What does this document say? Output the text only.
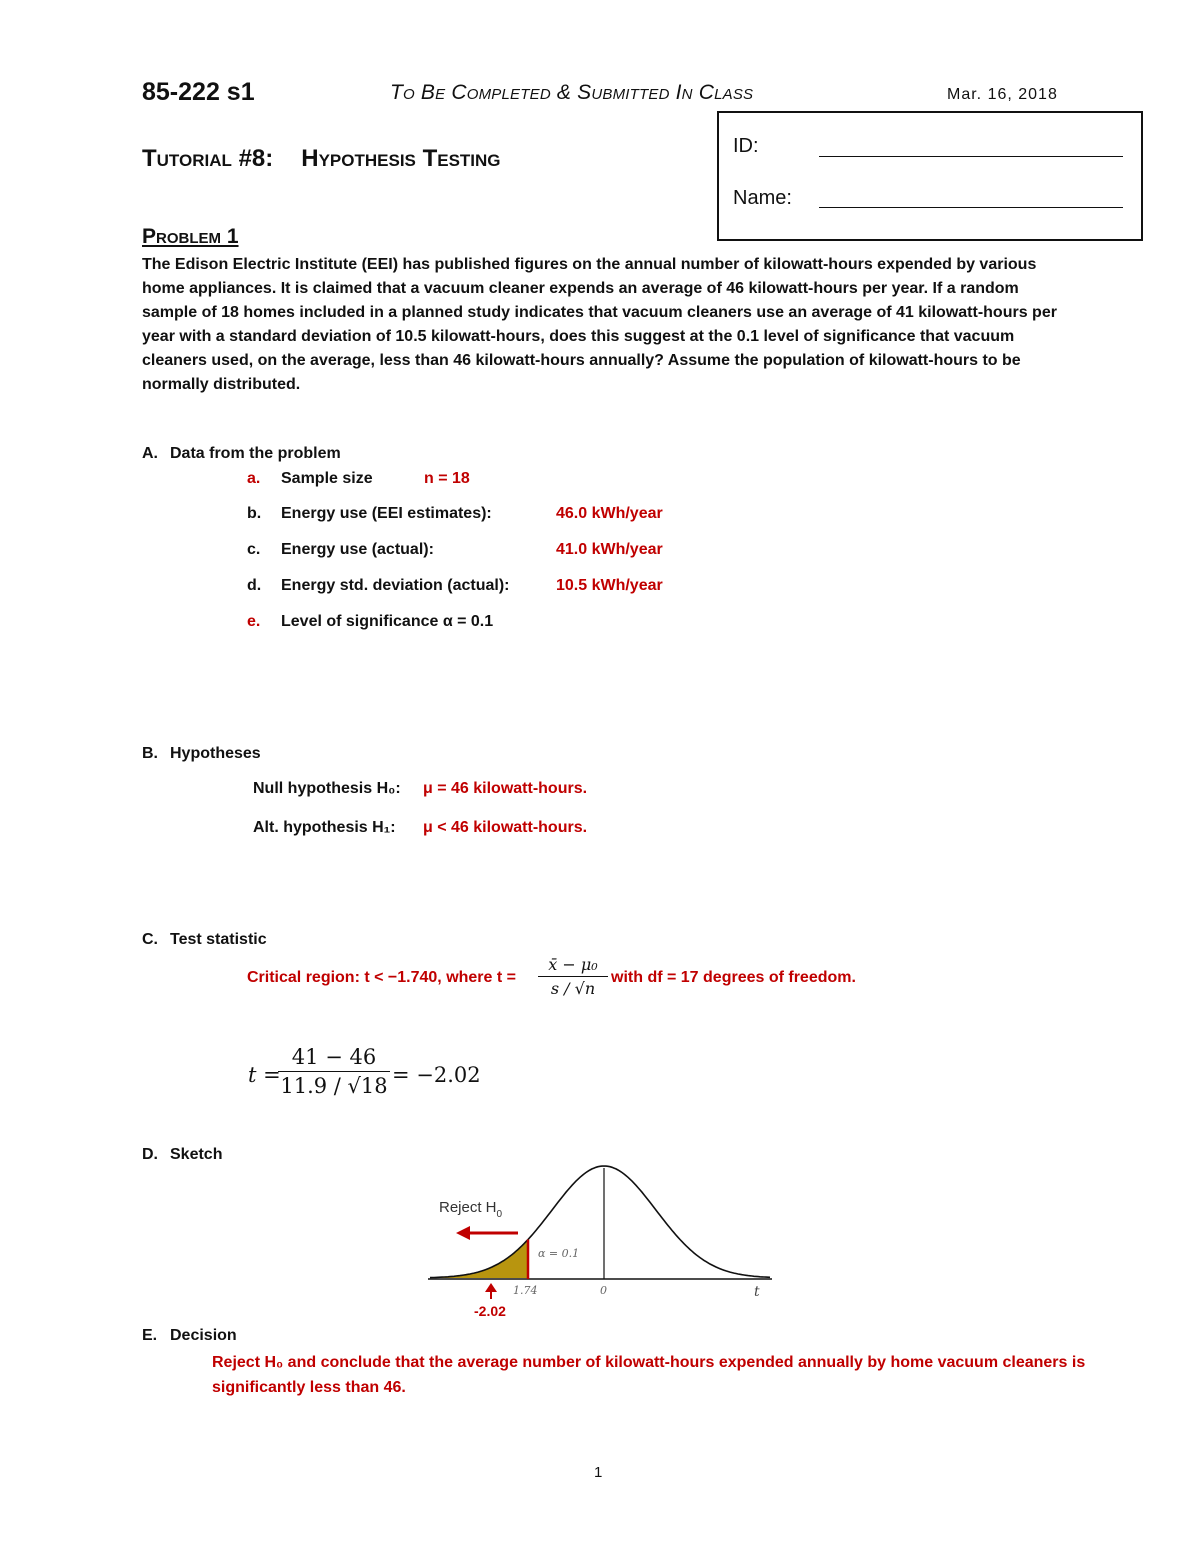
85-222 s1	To Be Completed & Submitted In Class	Mar. 16, 2018
Tutorial #8: Hypothesis Testing	ID:
Name:
Problem 1
The Edison Electric Institute (EEI) has published figures on the annual number of kilowatt-hours expended by various home appliances. It is claimed that a vacuum cleaner expends an average of 46 kilowatt-hours per year. If a random sample of 18 homes included in a planned study indicates that vacuum cleaners use an average of 41 kilowatt-hours per year with a standard deviation of 10.5 kilowatt-hours, does this suggest at the 0.1 level of significance that vacuum cleaners used, on the average, less than 46 kilowatt-hours annually? Assume the population of kilowatt-hours to be normally distributed.
A. Data from the problem
a. Sample size	n = 18
b. Energy use (EEI estimates):	46.0 kWh/year
c. Energy use (actual):	41.0 kWh/year
d. Energy std. deviation (actual):	10.5 kWh/year
e. Level of significance α = 0.1
B. Hypotheses
Null hypothesis H₀: μ = 46 kilowatt-hours.
Alt. hypothesis H₁: μ < 46 kilowatt-hours.
C. Test statistic
Critical region: t < −1.740, where $t = \frac{\text{x̄ − μ₀}}{s / √n}$ with df = 17 degrees of freedom.
t =
$\frac{41 - 46}{11.9 / √18} = -2.02$
D. Sketch
Reject $H_0$
α = 0.1
1.74	0	t
-2.02
E. Decision
Reject H₀ and conclude that the average number of kilowatt-hours expended annually by home vacuum cleaners is significantly less than 46.
1
